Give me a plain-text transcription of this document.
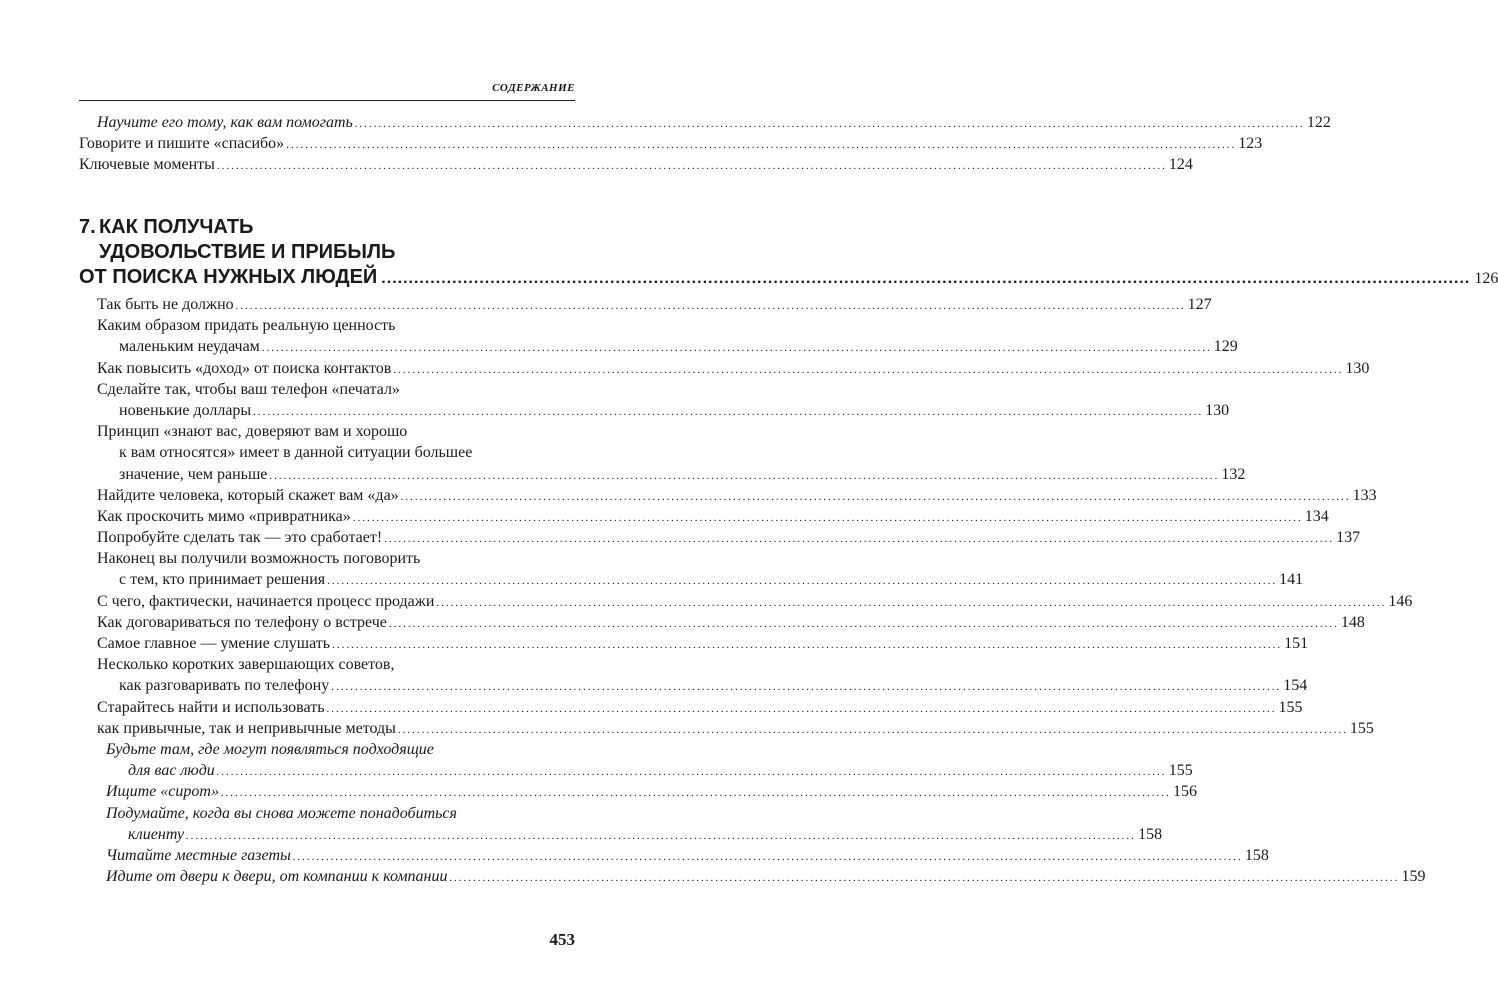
СОДЕРЖАНИЕ
Научите его тому, как вам помогать ........................................................................................................................................................................................................ 122
Говорите и пишите «спасибо» ........................................................................................................................................................................................................ 123
Ключевые моменты ........................................................................................................................................................................................................ 124
7. КАК ПОЛУЧАТЬ
УДОВОЛЬСТВИЕ И ПРИБЫЛЬ
ОТ ПОИСКА НУЖНЫХ ЛЮДЕЙ ........................................................................................................................................................................................................ 126
Так быть не должно ........................................................................................................................................................................................................ 127
Каким образом придать реальную ценность
маленьким неудачам ........................................................................................................................................................................................................ 129
Как повысить «доход» от поиска контактов ........................................................................................................................................................................................................ 130
Сделайте так, чтобы ваш телефон «печатал»
новенькие доллары ........................................................................................................................................................................................................ 130
Принцип «знают вас, доверяют вам и хорошо
к вам относятся» имеет в данной ситуации большее
значение, чем раньше ........................................................................................................................................................................................................ 132
Найдите человека, который скажет вам «да» ........................................................................................................................................................................................................ 133
Как проскочить мимо «привратника» ........................................................................................................................................................................................................ 134
Попробуйте сделать так — это сработает! ........................................................................................................................................................................................................ 137
Наконец вы получили возможность поговорить
с тем, кто принимает решения ........................................................................................................................................................................................................ 141
С чего, фактически, начинается процесс продажи ........................................................................................................................................................................................................ 146
Как договариваться по телефону о встрече ........................................................................................................................................................................................................ 148
Самое главное — умение слушать ........................................................................................................................................................................................................ 151
Несколько коротких завершающих советов,
как разговаривать по телефону ........................................................................................................................................................................................................ 154
Старайтесь найти и использовать ........................................................................................................................................................................................................ 155
как привычные, так и непривычные методы ........................................................................................................................................................................................................ 155
Будьте там, где могут появляться подходящие
для вас люди ........................................................................................................................................................................................................ 155
Ищите «сирот» ........................................................................................................................................................................................................ 156
Подумайте, когда вы снова можете понадобиться
клиенту ........................................................................................................................................................................................................ 158
Читайте местные газеты ........................................................................................................................................................................................................ 158
Идите от двери к двери, от компании к компании ........................................................................................................................................................................................................ 159
453
